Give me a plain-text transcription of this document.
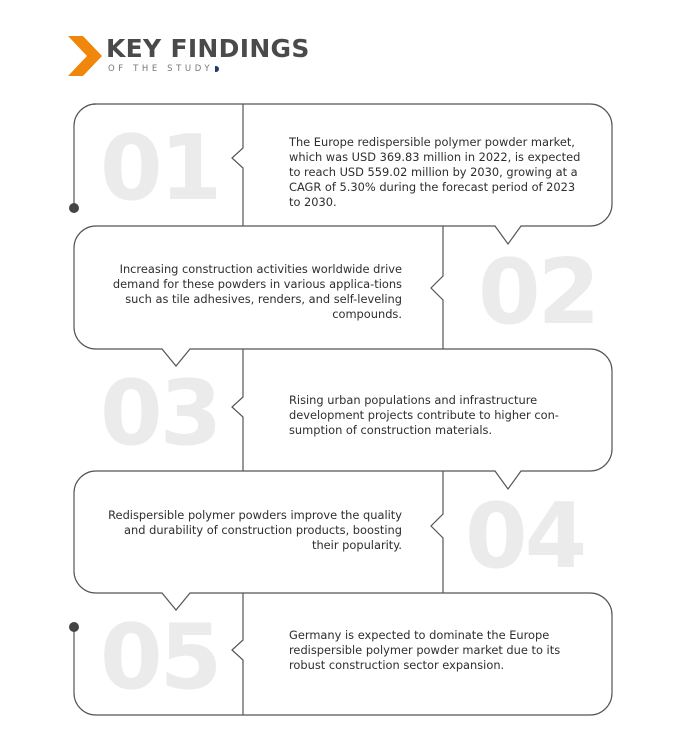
KEY FINDINGS
OF THE STUDY
01	The Europe redispersible polymer powder market, which was USD 369.83 million in 2022, is expected to reach USD 559.02 million by 2030, growing at a CAGR of 5.30% during the forecast period of 2023 to 2030.
02
Increasing construction activities worldwide drive demand for these powders in various applica-tions such as tile adhesives, renders, and self-leveling compounds.
03	Rising urban populations and infrastructure development projects contribute to higher con-sumption of construction materials.
04
Redispersible polymer powders improve the quality and durability of construction products, boosting their popularity.
05	Germany is expected to dominate the Europe redispersible polymer powder market due to its robust construction sector expansion.
